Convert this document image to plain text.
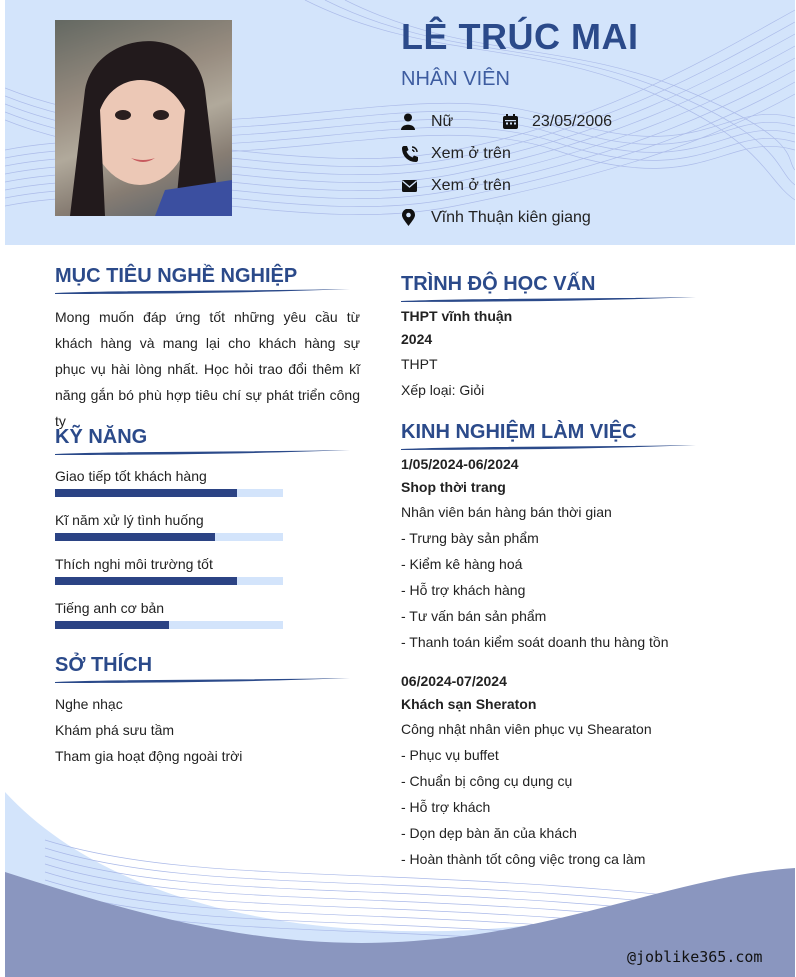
LÊ TRÚC MAI
NHÂN VIÊN
Nữ	23/05/2006
Xem ở trên
Xem ở trên
Vĩnh Thuận kiên giang
MỤC TIÊU NGHỀ NGHIỆP
Mong muốn đáp ứng tốt những yêu cầu từ khách hàng và mang lại cho khách hàng sự phục vụ hài lòng nhất. Học hỏi trao đổi thêm kĩ năng gắn bó phù hợp tiêu chí sự phát triển công ty
KỸ NĂNG
Giao tiếp tốt khách hàng
Kĩ năm xử lý tình huống
Thích nghi môi trường tốt
Tiếng anh cơ bản
SỞ THÍCH
Nghe nhạc
Khám phá sưu tầm
Tham gia hoạt động ngoài trời
TRÌNH ĐỘ HỌC VẤN
THPT vĩnh thuận
2024
THPT
Xếp loại: Giỏi
KINH NGHIỆM LÀM VIỆC
1/05/2024-06/2024
Shop thời trang
Nhân viên bán hàng bán thời gian
- Trưng bày sản phẩm
- Kiểm kê hàng hoá
- Hỗ trợ khách hàng
- Tư vấn bán sản phẩm
- Thanh toán kiểm soát doanh thu hàng tồn
06/2024-07/2024
Khách sạn Sheraton
Công nhật nhân viên phục vụ Shearaton
- Phục vụ buffet
- Chuẩn bị công cụ dụng cụ
- Hỗ trợ khách
- Dọn dẹp bàn ăn của khách
- Hoàn thành tốt công việc trong ca làm
@joblike365.com
